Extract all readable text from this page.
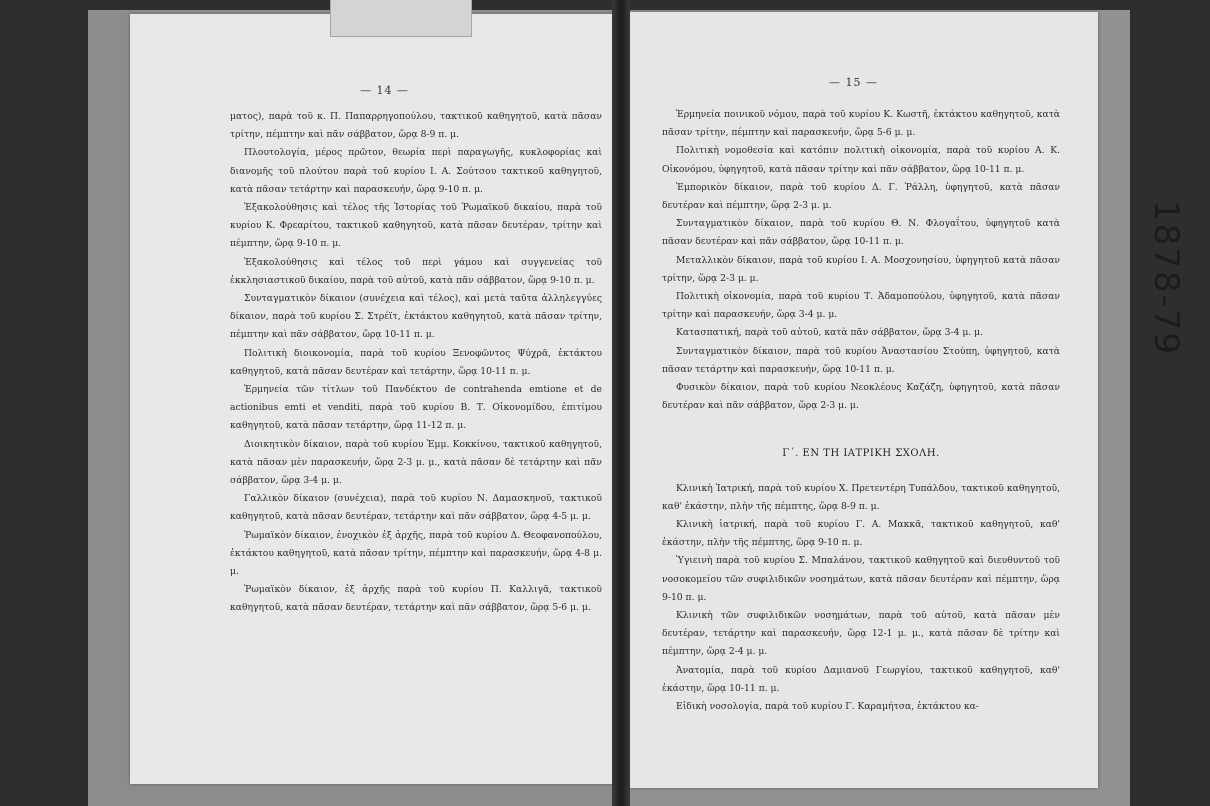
— 14 —

ματος), παρὰ τοῦ κ. Π. Παπαρρηγοπούλου, τακτικοῦ καθηγητοῦ, κατὰ πᾶσαν τρίτην, πέμπτην καὶ πᾶν σάββατον, ὥρᾳ 8-9 π. μ.

Πλουτολογία, μέρος πρῶτον, θεωρία περὶ παραγωγῆς, κυκλοφορίας καὶ διανομῆς τοῦ πλούτου παρὰ τοῦ κυρίου Ι. Α. Σούτσου τακτικοῦ καθηγητοῦ, κατὰ πᾶσαν τετάρτην καὶ παρασκευήν, ὥρᾳ 9-10 π. μ.

Ἐξακολούθησις καὶ τέλος τῆς Ἱστορίας τοῦ Ῥωμαϊκοῦ δικαίου, παρὰ τοῦ κυρίου Κ. Φρεαρίτου, τακτικοῦ καθηγητοῦ, κατὰ πᾶσαν δευτέραν, τρίτην καὶ πέμπτην, ὥρᾳ 9-10 π. μ.

Ἐξακολούθησις καὶ τέλος τοῦ περὶ γάμου καὶ συγγενείας τοῦ ἐκκλησιαστικοῦ δικαίου, παρὰ τοῦ αὐτοῦ, κατὰ πᾶν σάββατον, ὥρᾳ 9-10 π. μ.

Συνταγματικὸν δίκαιον (συνέχεια καὶ τέλος), καὶ μετὰ ταῦτα ἀλληλεγγύες δίκαιον, παρὰ τοῦ κυρίου Σ. Στρέϊτ, ἐκτάκτου καθηγητοῦ, κατὰ πᾶσαν τρίτην, πέμπτην καὶ πᾶν σάββατον, ὥρᾳ 10-11 π. μ.

Πολιτικὴ διοικονομία, παρὰ τοῦ κυρίου Ξενοφῶντος Ψύχρᾶ, ἐκτάκτου καθηγητοῦ, κατὰ πᾶσαν δευτέραν καὶ τετάρτην, ὥρᾳ 10-11 π. μ.

Ἑρμηνεία τῶν τίτλων τοῦ Πανδέκτου de contrahenda emtione et de actionibus emti et venditi, παρὰ τοῦ κυρίου Β. Τ. Οἰκονομίδου, ἐπιτίμου καθηγητοῦ, κατὰ πᾶσαν τετάρτην, ὥρᾳ 11-12 π. μ.

Διοικητικὸν δίκαιον, παρὰ τοῦ κυρίου Ἐμμ. Κοκκίνου, τακτικοῦ καθηγητοῦ, κατὰ πᾶσαν μὲν παρασκευήν, ὥρᾳ 2-3 μ. μ., κατὰ πᾶσαν δὲ τετάρτην καὶ πᾶν σάββατον, ὥρᾳ 3-4 μ. μ.

Γαλλικὸν δίκαιον (συνέχεια), παρὰ τοῦ κυρίου Ν. Δαμασκηνοῦ, τακτικοῦ καθηγητοῦ, κατὰ πᾶσαν δευτέραν, τετάρτην καὶ πᾶν σάββατον, ὥρᾳ 4-5 μ. μ.

Ῥωμαϊκὸν δίκαιον, ἐνοχικὸν ἐξ ἀρχῆς, παρὰ τοῦ κυρίου Δ. Θεοφανοπούλου, ἐκτάκτου καθηγητοῦ, κατὰ πᾶσαν τρίτην, πέμπτην καὶ παρασκευήν, ὥρᾳ 4-8 μ. μ.

Ῥωμαϊκὸν δίκαιον, ἐξ ἀρχῆς παρὰ τοῦ κυρίου Π. Καλλιγᾶ, τακτικοῦ καθηγητοῦ, κατὰ πᾶσαν δευτέραν, τετάρτην καὶ πᾶν σάββατον, ὥρᾳ 5-6 μ. μ.

— 15 —

Ἑρμηνεία ποινικοῦ νόμου, παρὰ τοῦ κυρίου Κ. Κωστῆ, ἐκτάκτου καθηγητοῦ, κατὰ πᾶσαν τρίτην, πέμπτην καὶ παρασκευήν, ὥρᾳ 5-6 μ. μ.

Πολιτικὴ νομοθεσία καὶ κατόπιν πολιτικὴ οἰκονομία, παρὰ τοῦ κυρίου Α. Κ. Οἰκονόμου, ὑφηγητοῦ, κατὰ πᾶσαν τρίτην καὶ πᾶν σάββατον, ὥρᾳ 10-11 π. μ.

Ἐμπορικὸν δίκαιον, παρὰ τοῦ κυρίου Δ. Γ. Ῥάλλη, ὑφηγητοῦ, κατὰ πᾶσαν δευτέραν καὶ πέμπτην, ὥρᾳ 2-3 μ. μ.

Συνταγματικὸν δίκαιον, παρὰ τοῦ κυρίου Θ. Ν. Φλογαΐτου, ὑφηγητοῦ κατὰ πᾶσαν δευτέραν καὶ πᾶν σάββατον, ὥρᾳ 10-11 π. μ.

Μεταλλικὸν δίκαιον, παρὰ τοῦ κυρίου Ι. Α. Μοσχονησίου, ὑφηγητοῦ κατὰ πᾶσαν τρίτην, ὥρᾳ 2-3 μ. μ.

Πολιτικὴ οἰκονομία, παρὰ τοῦ κυρίου Τ. Ἀδαμοπούλου, ὑφηγητοῦ, κατὰ πᾶσαν τρίτην καὶ παρασκευήν, ὥρᾳ 3-4 μ. μ.

Κατασπατική, παρὰ τοῦ αὐτοῦ, κατὰ πᾶν σάββατον, ὥρᾳ 3-4 μ. μ.

Συνταγματικὸν δίκαιον, παρὰ τοῦ κυρίου Ἀναστασίου Στούπη, ὑφηγητοῦ, κατὰ πᾶσαν τετάρτην καὶ παρασκευήν, ὥρᾳ 10-11 π. μ.

Φυσικὸν δίκαιον, παρὰ τοῦ κυρίου Νεοκλέους Καζάζη, ὑφηγητοῦ, κατὰ πᾶσαν δευτέραν καὶ πᾶν σάββατον, ὥρᾳ 2-3 μ. μ.

Γ΄. ΕΝ ΤΗ ΙΑΤΡΙΚΗ ΣΧΟΛΗ.

Κλινικὴ Ἰατρική, παρὰ τοῦ κυρίου Χ. Πρετεντέρη Τυπάλδου, τακτικοῦ καθηγητοῦ, καθ' ἑκάστην, πλὴν τῆς πέμπτης, ὥρᾳ 8-9 π. μ.

Κλινικὴ ἰατρική, παρὰ τοῦ κυρίου Γ. Α. Μακκᾶ, τακτικοῦ καθηγητοῦ, καθ' ἑκάστην, πλὴν τῆς πέμπτης, ὥρᾳ 9-10 π. μ.

Ὑγιεινὴ παρὰ τοῦ κυρίου Σ. Μπαλάνου, τακτικοῦ καθηγητοῦ καὶ διευθυντοῦ τοῦ νοσοκομείου τῶν συφιλιδικῶν νοσημάτων, κατὰ πᾶσαν δευτέραν καὶ πέμπτην, ὥρᾳ 9-10 π. μ.

Κλινικὴ τῶν συφιλιδικῶν νοσημάτων, παρὰ τοῦ αὐτοῦ, κατὰ πᾶσαν μὲν δευτέραν, τετάρτην καὶ παρασκευήν, ὥρᾳ 12-1 μ. μ., κατὰ πᾶσαν δὲ τρίτην καὶ πέμπτην, ὥρᾳ 2-4 μ. μ.

Ἀνατομία, παρὰ τοῦ κυρίου Δαμιανοῦ Γεωργίου, τακτικοῦ καθηγητοῦ, καθ' ἑκάστην, ὥρᾳ 10-11 π. μ.

Εἰδικὴ νοσολογία, παρὰ τοῦ κυρίου Γ. Καραμήτσα, ἐκτάκτου κα-

1878-79
